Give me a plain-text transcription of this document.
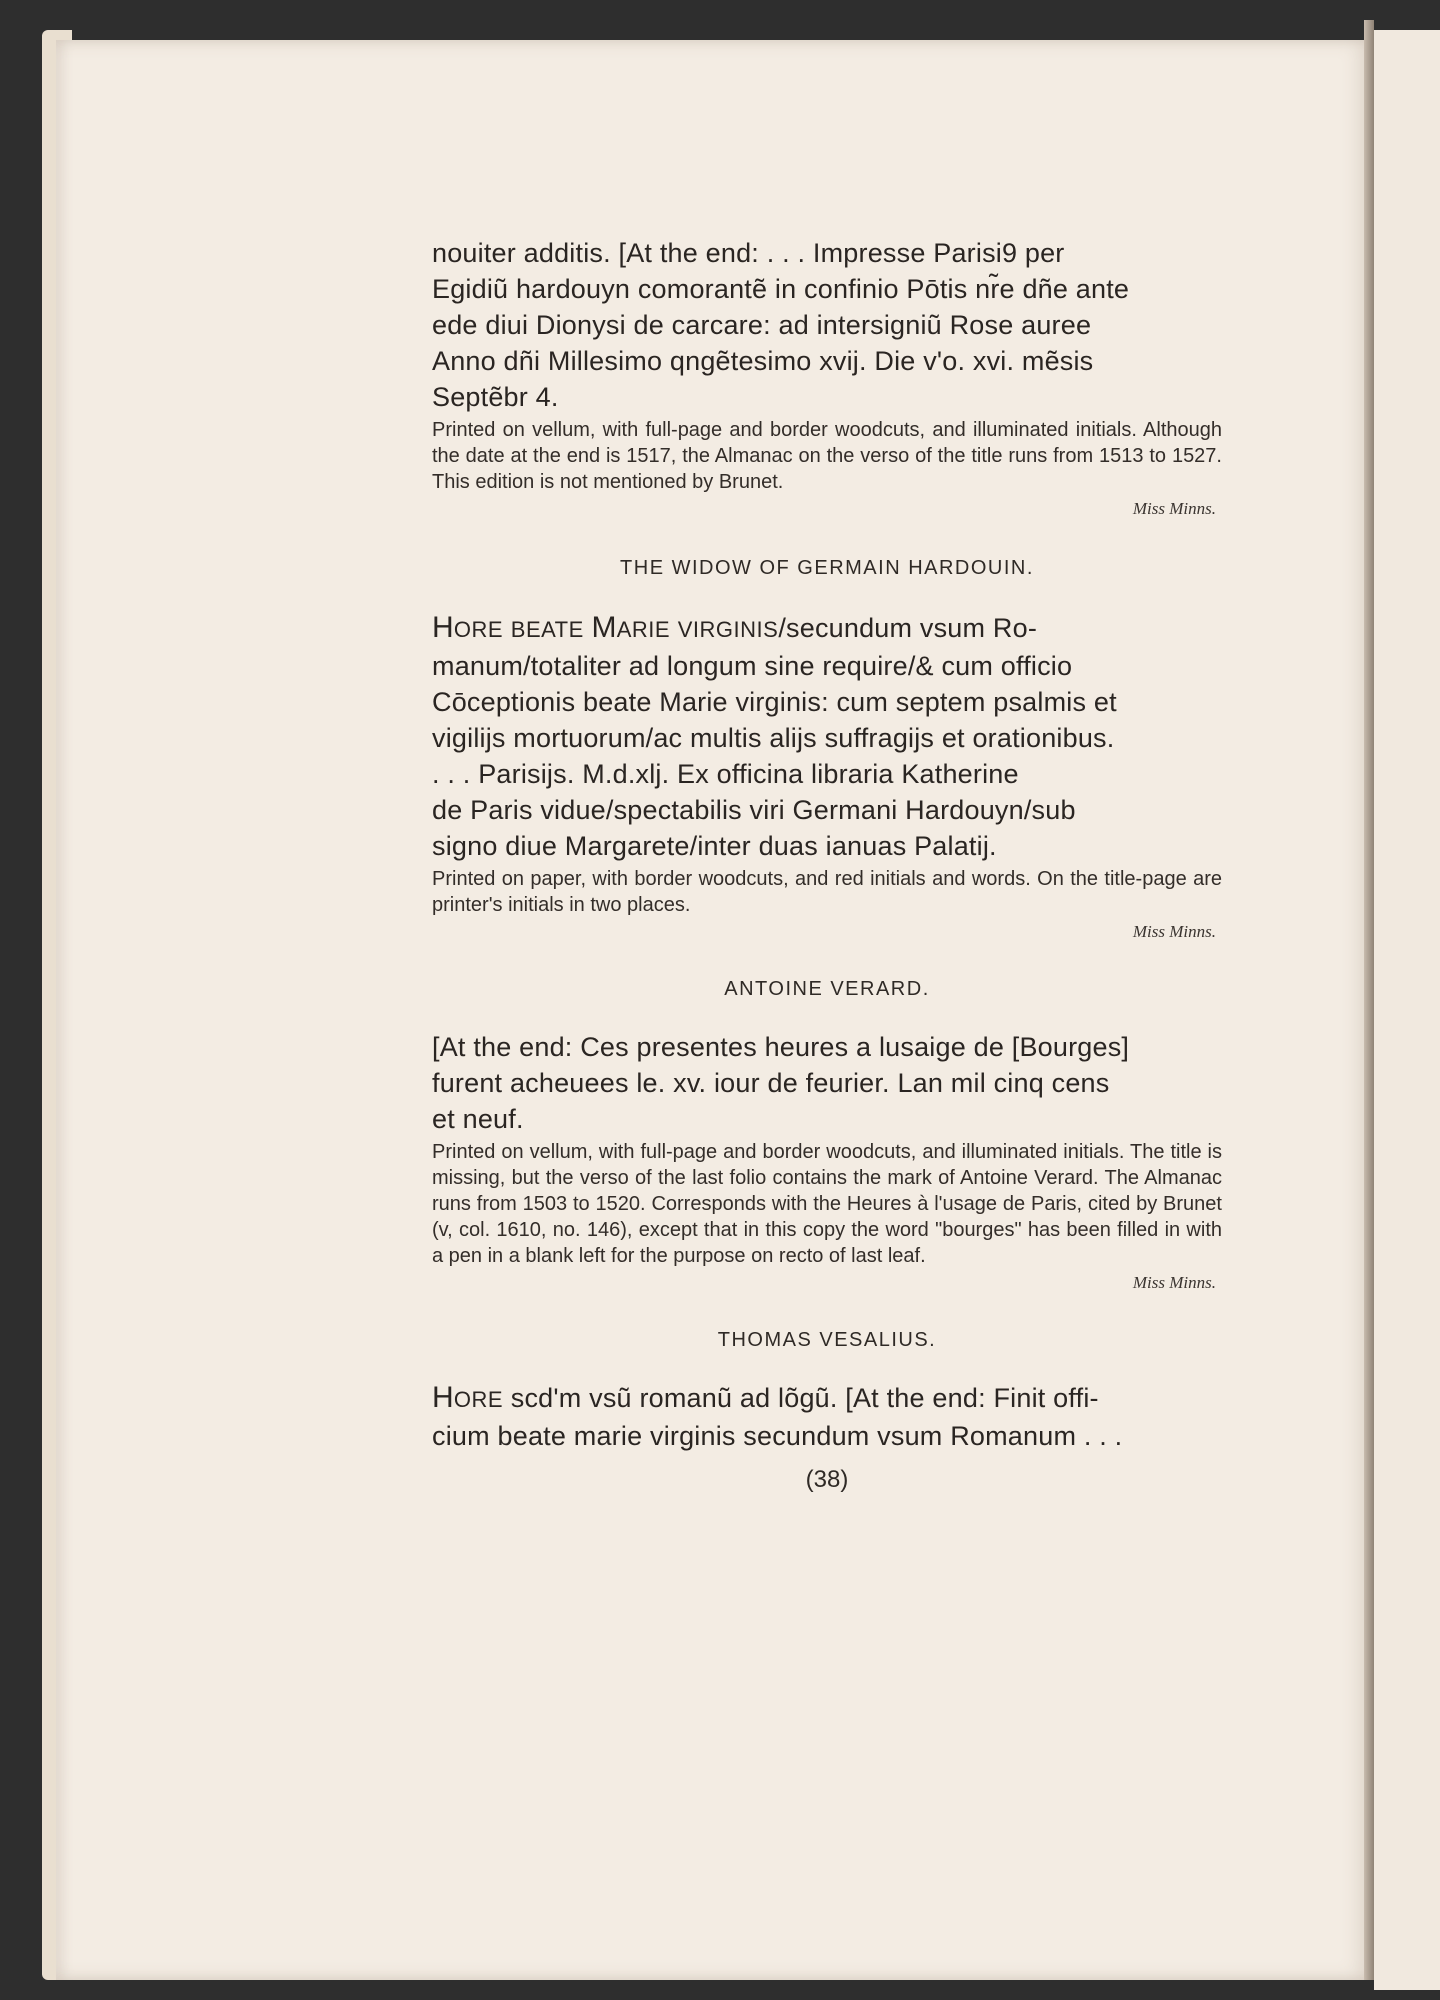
nouiter additis. [At the end: . . . Impresse Parisi9 per
Egidiũ hardouyn comorantẽ in confinio Pōtis nr̃e dñe ante
ede diui Dionysi de carcare: ad intersigniũ Rose auree
Anno dñi Millesimo qngẽtesimo xvij. Die v'o. xvi. mẽsis
Septẽbr 4.

Printed on vellum, with full-page and border woodcuts, and illuminated initials. Although the date at the end is 1517, the Almanac on the verso of the title runs from 1513 to 1527. This edition is not mentioned by Brunet.

Miss Minns.

THE WIDOW OF GERMAIN HARDOUIN.

HORE BEATE MARIE VIRGINIS/secundum vsum Ro-
manum/totaliter ad longum sine require/& cum officio
Cōceptionis beate Marie virginis: cum septem psalmis et
vigilijs mortuorum/ac multis alijs suffragijs et orationibus.
. . . Parisijs. M.d.xlj. Ex officina libraria Katherine
de Paris vidue/spectabilis viri Germani Hardouyn/sub
signo diue Margarete/inter duas ianuas Palatij.

Printed on paper, with border woodcuts, and red initials and words. On the title-page are printer's initials in two places.

Miss Minns.

ANTOINE VERARD.

[At the end: Ces presentes heures a lusaige de [Bourges]
furent acheuees le. xv. iour de feurier. Lan mil cinq cens
et neuf.

Printed on vellum, with full-page and border woodcuts, and illuminated initials. The title is missing, but the verso of the last folio contains the mark of Antoine Verard. The Almanac runs from 1503 to 1520. Corresponds with the Heures à l'usage de Paris, cited by Brunet (v, col. 1610, no. 146), except that in this copy the word "bourges" has been filled in with a pen in a blank left for the purpose on recto of last leaf.

Miss Minns.

THOMAS VESALIUS.

HORE scd'm vsũ romanũ ad lõgũ. [At the end: Finit offi-
cium beate marie virginis secundum vsum Romanum . . .

(38)
